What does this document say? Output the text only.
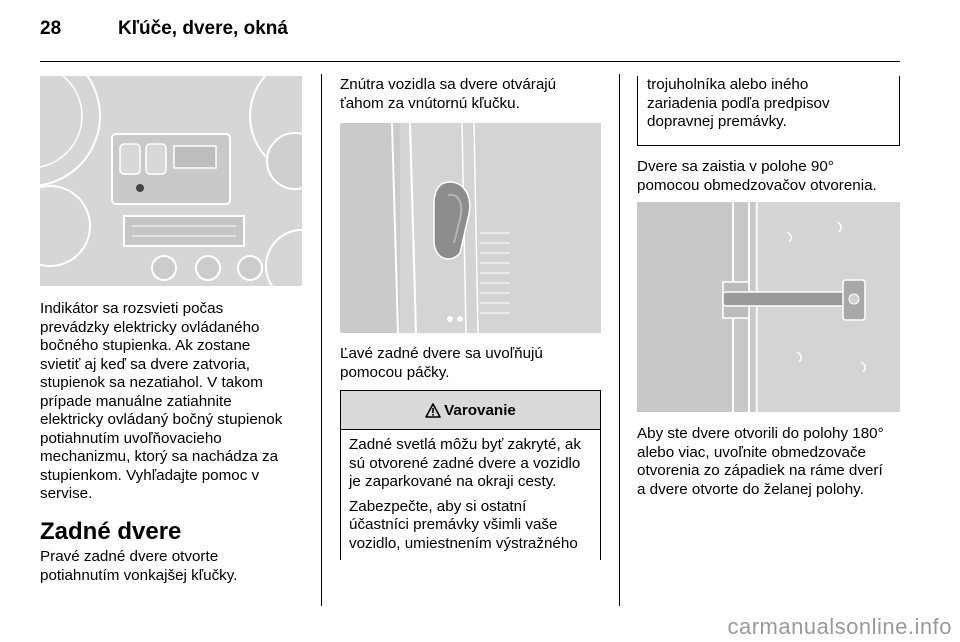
28	Kľúče, dvere, okná

Indikátor sa rozsvieti počas
prevádzky elektricky ovládaného
bočného stupienka. Ak zostane
svietiť aj keď sa dvere zatvoria,
stupienok sa nezatiahol. V takom
prípade manuálne zatiahnite
elektricky ovládaný bočný stupienok
potiahnutím uvoľňovacieho
mechanizmu, ktorý sa nachádza za
stupienkom. Vyhľadajte pomoc v
servise.

Zadné dvere

Pravé zadné dvere otvorte
potiahnutím vonkajšej kľučky.

Znútra vozidla sa dvere otvárajú
ťahom za vnútornú kľučku.

Ľavé zadné dvere sa uvoľňujú
pomocou páčky.

Varovanie

Zadné svetlá môžu byť zakryté, ak
sú otvorené zadné dvere a vozidlo
je zaparkované na okraji cesty.

Zabezpečte, aby si ostatní
účastníci premávky všimli vaše
vozidlo, umiestnením výstražného

trojuholníka alebo iného
zariadenia podľa predpisov
dopravnej premávky.

Dvere sa zaistia v polohe 90°
pomocou obmedzovačov otvorenia.

Aby ste dvere otvorili do polohy 180°
alebo viac, uvoľnite obmedzovače
otvorenia zo západiek na ráme dverí
a dvere otvorte do želanej polohy.

carmanualsonline.info
